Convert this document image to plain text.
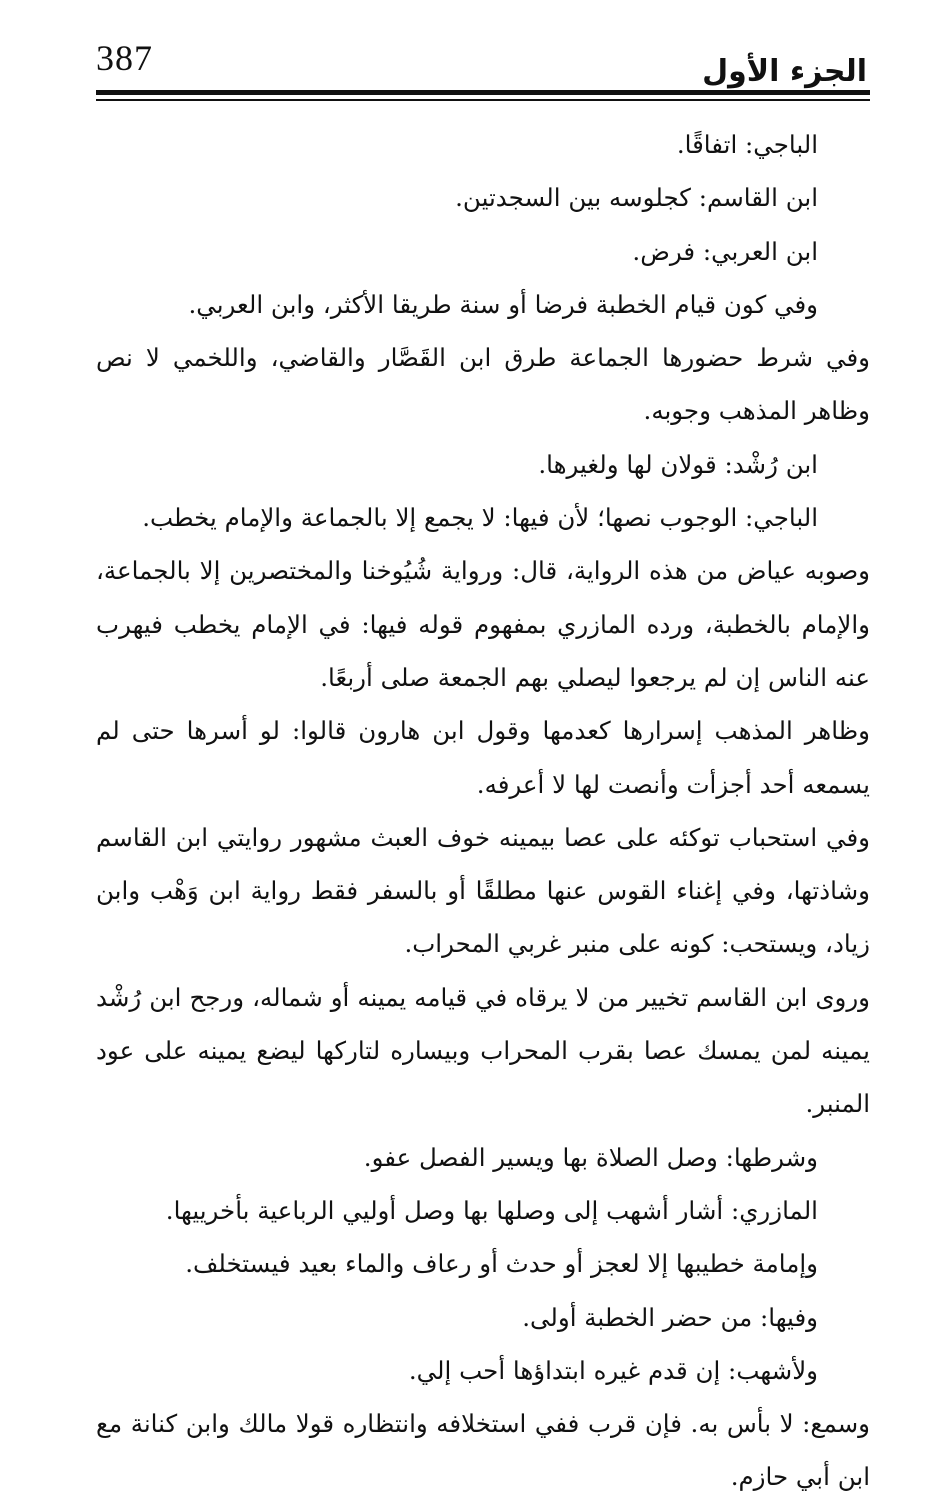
387	الجزء الأول

الباجي: اتفاقًا.

ابن القاسم: كجلوسه بين السجدتين.

ابن العربي: فرض.

وفي كون قيام الخطبة فرضا أو سنة طريقا الأكثر، وابن العربي.

وفي شرط حضورها الجماعة طرق ابن القَصَّار والقاضي، واللخمي لا نص وظاهر المذهب وجوبه.

ابن رُشْد: قولان لها ولغيرها.

الباجي: الوجوب نصها؛ لأن فيها: لا يجمع إلا بالجماعة والإمام يخطب.

وصوبه عياض من هذه الرواية، قال: ورواية شُيُوخنا والمختصرين إلا بالجماعة، والإمام بالخطبة، ورده المازري بمفهوم قوله فيها: في الإمام يخطب فيهرب عنه الناس إن لم يرجعوا ليصلي بهم الجمعة صلى أربعًا.

وظاهر المذهب إسرارها كعدمها وقول ابن هارون قالوا: لو أسرها حتى لم يسمعه أحد أجزأت وأنصت لها لا أعرفه.

وفي استحباب توكئه على عصا بيمينه خوف العبث مشهور روايتي ابن القاسم وشاذتها، وفي إغناء القوس عنها مطلقًا أو بالسفر فقط رواية ابن وَهْب وابن زياد، ويستحب: كونه على منبر غربي المحراب.

وروى ابن القاسم تخيير من لا يرقاه في قيامه يمينه أو شماله، ورجح ابن رُشْد يمينه لمن يمسك عصا بقرب المحراب وبيساره لتاركها ليضع يمينه على عود المنبر.

وشرطها: وصل الصلاة بها ويسير الفصل عفو.

المازري: أشار أشهب إلى وصلها بها وصل أوليي الرباعية بأخرييها.

وإمامة خطيبها إلا لعجز أو حدث أو رعاف والماء بعيد فيستخلف.

وفيها: من حضر الخطبة أولى.

ولأشهب: إن قدم غيره ابتداؤها أحب إلي.

وسمع: لا بأس به. فإن قرب ففي استخلافه وانتظاره قولا مالك وابن كنانة مع ابن أبي حازم.
